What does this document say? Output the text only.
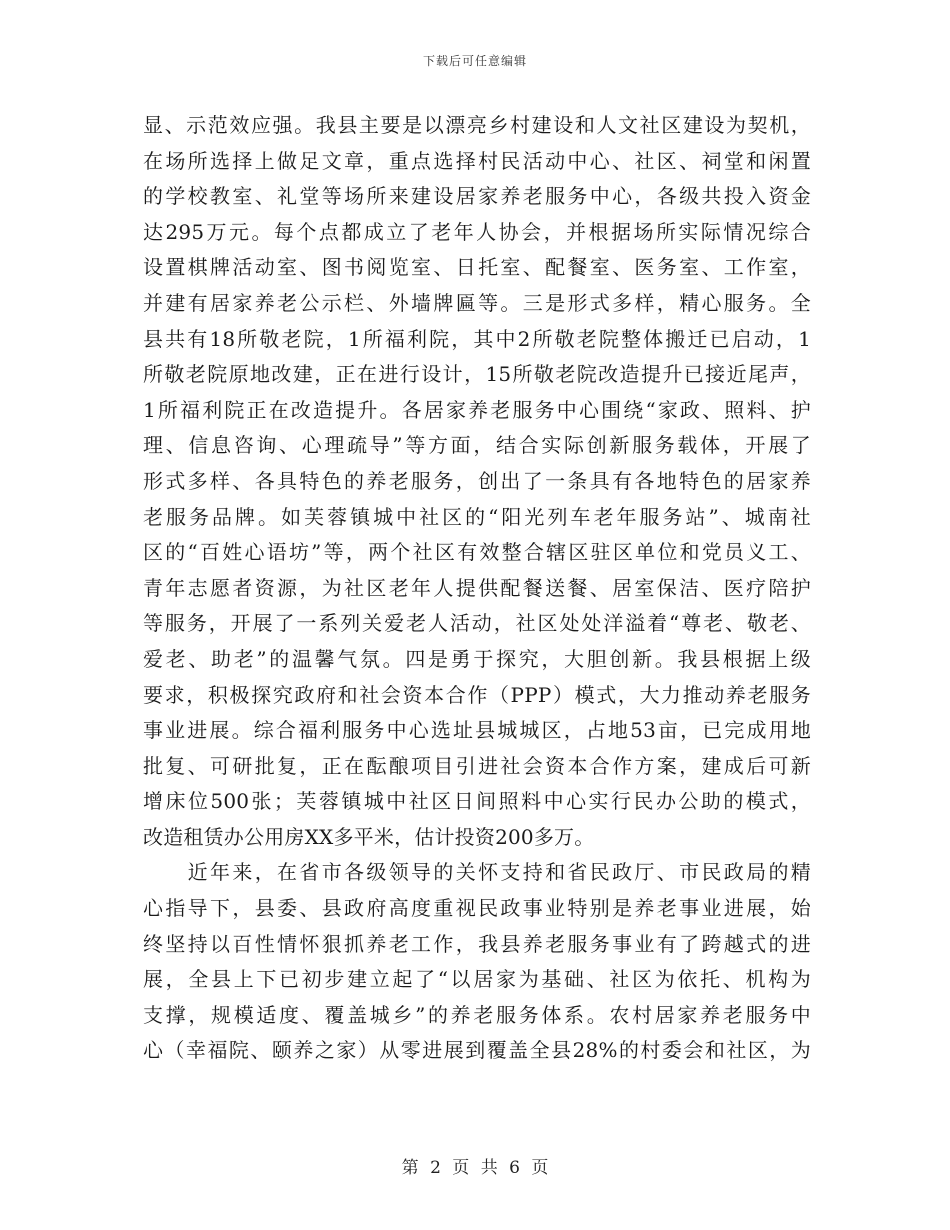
下载后可任意编辑
显、示范效应强。我县主要是以漂亮乡村建设和人文社区建设为契机，
在场所选择上做足文章，重点选择村民活动中心、社区、祠堂和闲置
的学校教室、礼堂等场所来建设居家养老服务中心，各级共投入资金
达295万元。每个点都成立了老年人协会，并根据场所实际情况综合
设置棋牌活动室、图书阅览室、日托室、配餐室、医务室、工作室，
并建有居家养老公示栏、外墙牌匾等。三是形式多样，精心服务。全
县共有18所敬老院，1所福利院，其中2所敬老院整体搬迁已启动，1
所敬老院原地改建，正在进行设计，15所敬老院改造提升已接近尾声，
1所福利院正在改造提升。各居家养老服务中心围绕“家政、照料、护
理、信息咨询、心理疏导”等方面，结合实际创新服务载体，开展了
形式多样、各具特色的养老服务，创出了一条具有各地特色的居家养
老服务品牌。如芙蓉镇城中社区的“阳光列车老年服务站”、城南社
区的“百姓心语坊”等，两个社区有效整合辖区驻区单位和党员义工、
青年志愿者资源，为社区老年人提供配餐送餐、居室保洁、医疗陪护
等服务，开展了一系列关爱老人活动，社区处处洋溢着“尊老、敬老、
爱老、助老”的温馨气氛。四是勇于探究，大胆创新。我县根据上级
要求，积极探究政府和社会资本合作（PPP）模式，大力推动养老服务
事业进展。综合福利服务中心选址县城城区，占地53亩，已完成用地
批复、可研批复，正在酝酿项目引进社会资本合作方案，建成后可新
增床位500张；芙蓉镇城中社区日间照料中心实行民办公助的模式，
改造租赁办公用房XX多平米，估计投资200多万。
　　近年来，在省市各级领导的关怀支持和省民政厅、市民政局的精
心指导下，县委、县政府高度重视民政事业特别是养老事业进展，始
终坚持以百性情怀狠抓养老工作，我县养老服务事业有了跨越式的进
展，全县上下已初步建立起了“以居家为基础、社区为依托、机构为
支撑，规模适度、覆盖城乡”的养老服务体系。农村居家养老服务中
心（幸福院、颐养之家）从零进展到覆盖全县28%的村委会和社区，为
第 2 页 共 6 页
